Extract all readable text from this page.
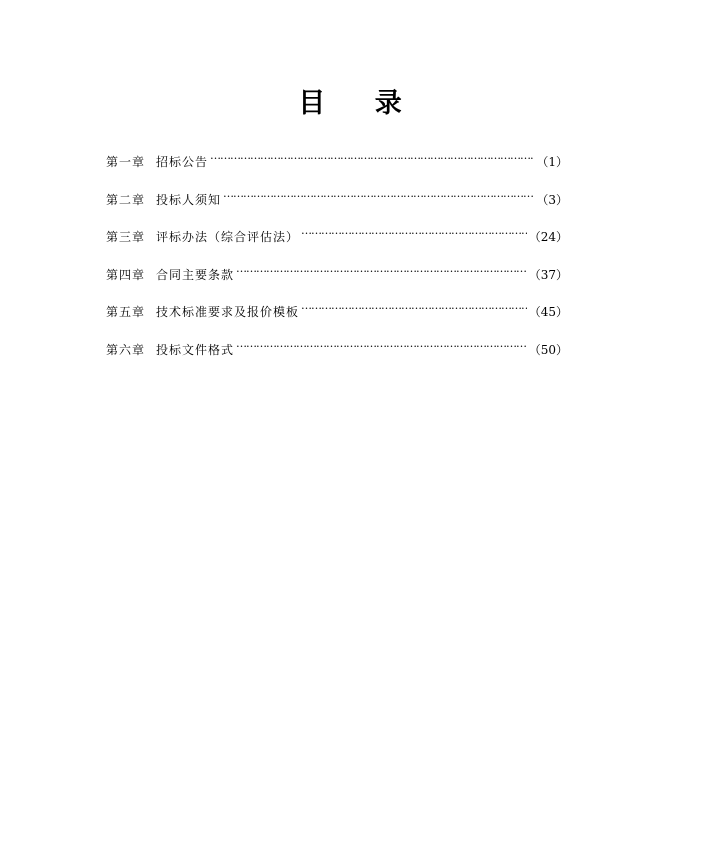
目 录
第一章 招标公告 …………………………………………………………………………………………………………………………………………	（1）
第二章 投标人须知 …………………………………………………………………………………………………………………………………………	（3）
第三章 评标办法（综合评估法） …………………………………………………………………………………………………………………………………………	（24）
第四章 合同主要条款 …………………………………………………………………………………………………………………………………………	（37）
第五章 技术标准要求及报价模板 …………………………………………………………………………………………………………………………………………	（45）
第六章 投标文件格式 …………………………………………………………………………………………………………………………………………	（50）
